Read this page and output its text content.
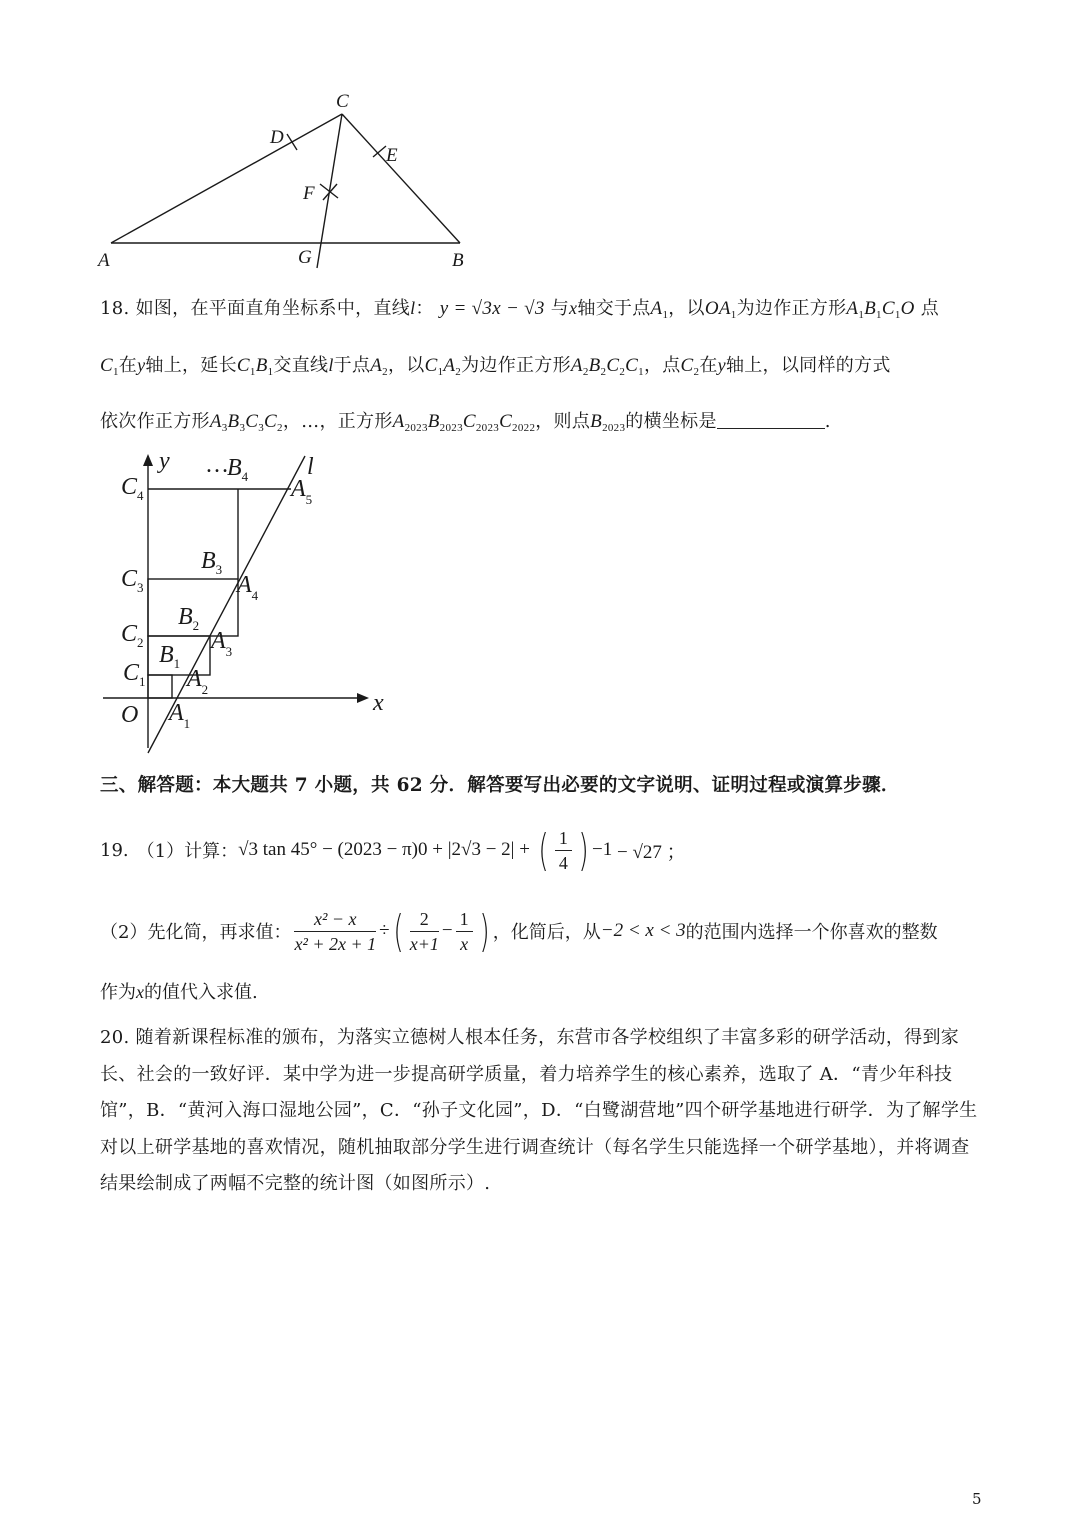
C
D
E
F
A	G	B
18. 如图，在平面直角坐标系中，直线l： y = √3x − √3 与x轴交于点$A_1$，以$OA_1$为边作正方形$A_1B_1C_1O$ 点
$C_1$在y轴上，延长$C_1B_1$交直线l于点$A_2$，以$C_1A_2$为边作正方形$A_2B_2C_2C_1$，点$C_2$在y轴上，以同样的方式
依次作正方形$A_3B_3C_3C_2$，…，正方形$A_{2023}B_{2023}C_{2023}C_{2022}$，则点$B_{2023}$的横坐标是	.
y
x
O
l
…
$C_4$
$C_3$
$C_2$
$C_1$
$B_4$
$B_3$
$B_2$
$B_1$
$A_5$
$A_4$
$A_3$
$A_2$
$A_1$
三、解答题：本大题共 7 小题，共 62 分．解答要写出必要的文字说明、证明过程或演算步骤．
19. （1）计算： √3 tan 45° − (2023 − π) 0 + |2√3 − 2| + ( $\frac{1}{4}$ ) −1 − √27 ；
（2）先化简，再求值： $\frac{\text{x² − x}}{\text{x² + 2x + 1}}$ ÷ ( $\frac{2}{x+1} - \frac{1}{x}$ ) ，化简后，从 −2 < x < 3 的范围内选择一个你喜欢的整数
作为x的值代入求值.
20. 随着新课程标准的颁布，为落实立德树人根本任务，东营市各学校组织了丰富多彩的研学活动，得到家长、社会的一致好评．某中学为进一步提高研学质量，着力培养学生的核心素养，选取了 A．“青少年科技馆”，B．“黄河入海口湿地公园”，C．“孙子文化园”，D．“白鹭湖营地”四个研学基地进行研学．为了解学生对以上研学基地的喜欢情况，随机抽取部分学生进行调查统计（每名学生只能选择一个研学基地），并将调查结果绘制成了两幅不完整的统计图（如图所示）.
5
